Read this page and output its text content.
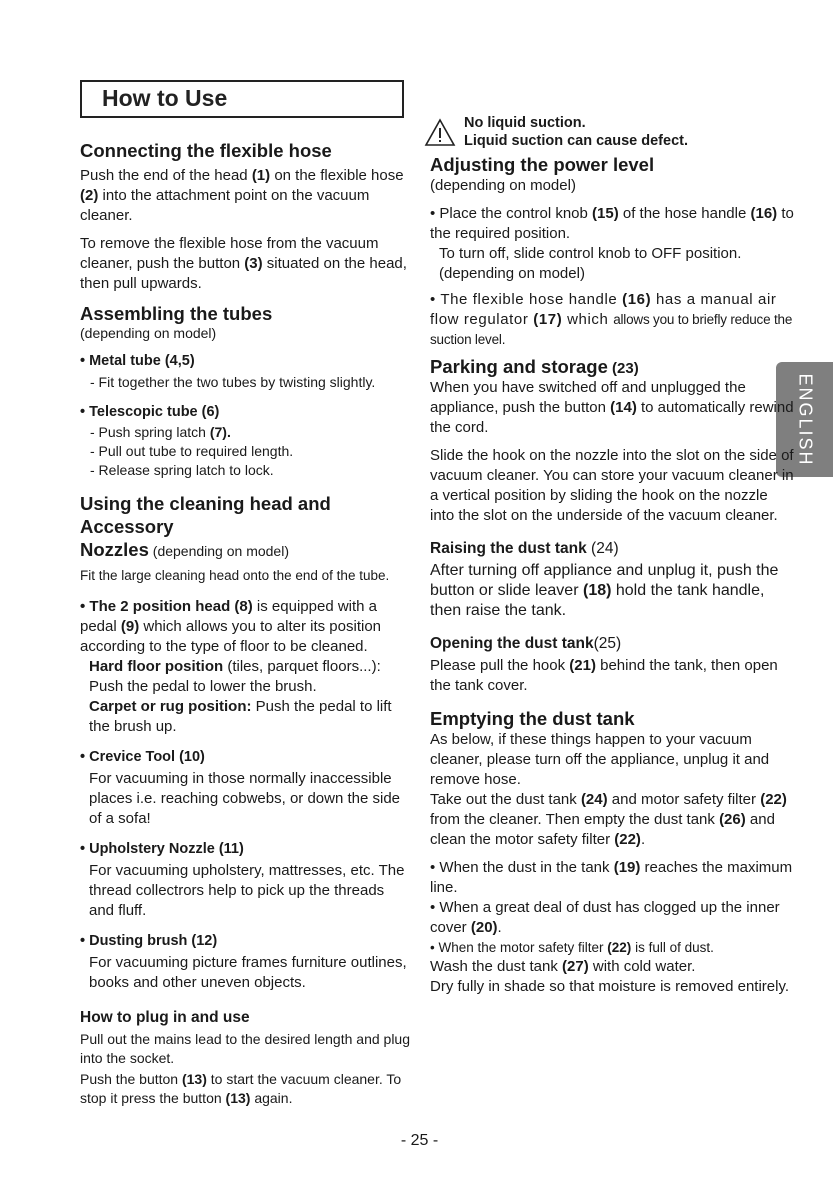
How to Use
ENGLISH

Connecting the flexible hose

Push the end of the head (1) on the flexible hose (2) into the attachment point on the vacuum cleaner.

To remove the flexible hose from the vacuum cleaner, push the button (3) situated on the head, then pull upwards.

Assembling the tubes

(depending on model)

• Metal tube (4,5)

- Fit together the two tubes by twisting slightly.

• Telescopic tube (6)

- Push spring latch (7).

- Pull out tube to required length.

- Release spring latch to lock.

Using the cleaning head and Accessory
Nozzles (depending on model)

Fit the large cleaning head onto the end of the tube.

• The 2 position head (8) is equipped with a pedal (9) which allows you to alter its position according to the type of floor to be cleaned.

Hard floor position (tiles, parquet floors...): Push the pedal to lower the brush.

Carpet or rug position: Push the pedal to lift the brush up.

• Crevice Tool (10)

For vacuuming in those normally inaccessible places i.e. reaching cobwebs, or down the side of a sofa!

• Upholstery Nozzle (11)

For vacuuming upholstery, mattresses, etc. The thread collectrors help to pick up the threads and fluff.

• Dusting brush (12)

For vacuuming picture frames furniture outlines, books and other uneven objects.

How to plug in and use

Pull out the mains lead to the desired length and plug into the socket.

Push the button (13) to start the vacuum cleaner. To stop it press the button (13) again.

No liquid suction.
Liquid suction can cause defect.

Adjusting the power level

(depending on model)

• Place the control knob (15) of the hose handle (16) to the required position.

To turn off, slide control knob to OFF position.

(depending on model)

• The flexible hose handle (16) has a manual air flow regulator (17) which allows you to briefly reduce the suction level.

Parking and storage (23)

When you have switched off and unplugged the appliance, push the button (14) to automatically rewind the cord.

Slide the hook on the nozzle into the slot on the side of vacuum cleaner. You can store your vacuum cleaner in a vertical position by sliding the hook on the nozzle into the slot on the underside of the vacuum cleaner.

Raising the dust tank (24)

After turning off appliance and unplug it, push the button or slide leaver (18) hold the tank handle, then raise the tank.

Opening the dust tank(25)

Please pull the hook (21) behind the tank, then open the tank cover.

Emptying the dust tank

As below, if these things happen to your vacuum cleaner, please turn off the appliance, unplug it and remove hose.

Take out the dust tank (24) and motor safety filter (22) from the cleaner. Then empty the dust tank (26) and clean the motor safety filter (22).

• When the dust in the tank (19) reaches the maximum line.

• When a great deal of dust has clogged up the inner cover (20).

• When the motor safety filter (22) is full of dust.

Wash the dust tank (27) with cold water.

Dry fully in shade so that moisture is removed entirely.

- 25 -
